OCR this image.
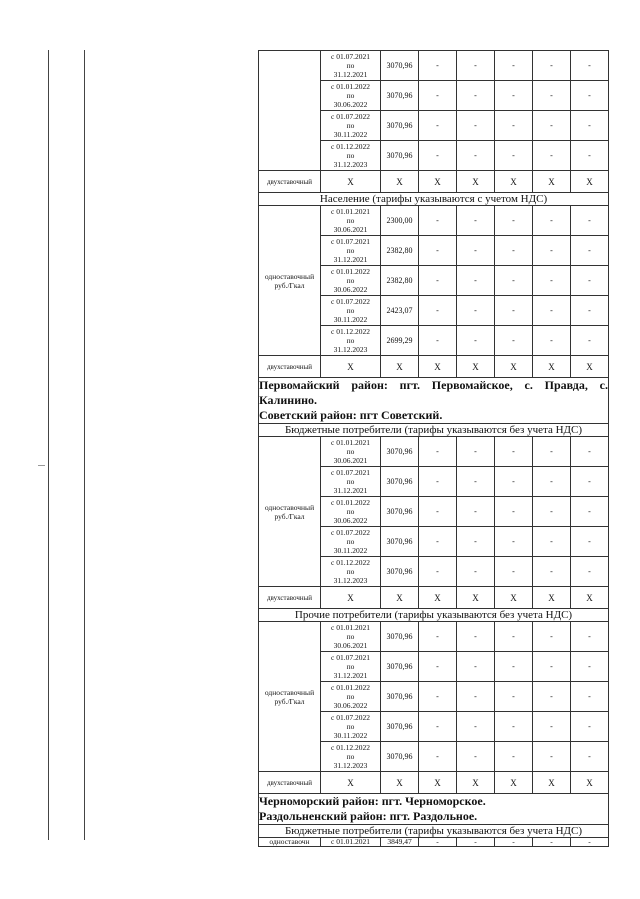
	с 01.07.2021
по
31.12.2021	3070,96	-	-	-	-	-

	с 01.01.2022
по
30.06.2022	3070,96	-	-	-	-	-

	с 01.07.2022
по
30.11.2022	3070,96	-	-	-	-	-

	с 01.12.2022
по
31.12.2023	3070,96	-	-	-	-	-
двухставочный	Х	Х	Х	Х	Х	Х	Х
Население (тарифы указываются с учетом НДС)							
одноставочный руб./Гкал	с 01.01.2021
по
30.06.2021	2300,00	-	-	-	-	-

	с 01.07.2021
по
31.12.2021	2382,80	-	-	-	-	-

	с 01.01.2022
по
30.06.2022	2382,80	-	-	-	-	-

	с 01.07.2022
по
30.11.2022	2423,07	-	-	-	-	-

	с 01.12.2022
по
31.12.2023	2699,29	-	-	-	-	-
двухставочный	Х	Х	Х	Х	Х	Х	Х

Первомайский район: пгт. Первомайское, с. Правда, с.
Калинино.
Советский район: пгт Советский.							

Бюджетные потребители (тарифы указываются без учета НДС)							
одноставочный руб./Гкал	с 01.01.2021
по
30.06.2021	3070,96	-	-	-	-	-

	с 01.07.2021
по
31.12.2021	3070,96	-	-	-	-	-

	с 01.01.2022
по
30.06.2022	3070,96	-	-	-	-	-

	с 01.07.2022
по
30.11.2022	3070,96	-	-	-	-	-

	с 01.12.2022
по
31.12.2023	3070,96	-	-	-	-	-
двухставочный	Х	Х	Х	Х	Х	Х	Х
Прочие потребители (тарифы указываются без учета НДС)							
одноставочный руб./Гкал	с 01.01.2021
по
30.06.2021	3070,96	-	-	-	-	-

	с 01.07.2021
по
31.12.2021	3070,96	-	-	-	-	-

	с 01.01.2022
по
30.06.2022	3070,96	-	-	-	-	-

	с 01.07.2022
по
30.11.2022	3070,96	-	-	-	-	-

	с 01.12.2022
по
31.12.2023	3070,96	-	-	-	-	-
двухставочный	Х	Х	Х	Х	Х	Х	Х

Черноморский район: пгт. Черноморское.
Раздольненский район: пгт. Раздольное.							

Бюджетные потребители (тарифы указываются без учета НДС)							
одноставочн	с 01.01.2021	3849,47	-	-	-	-	-
